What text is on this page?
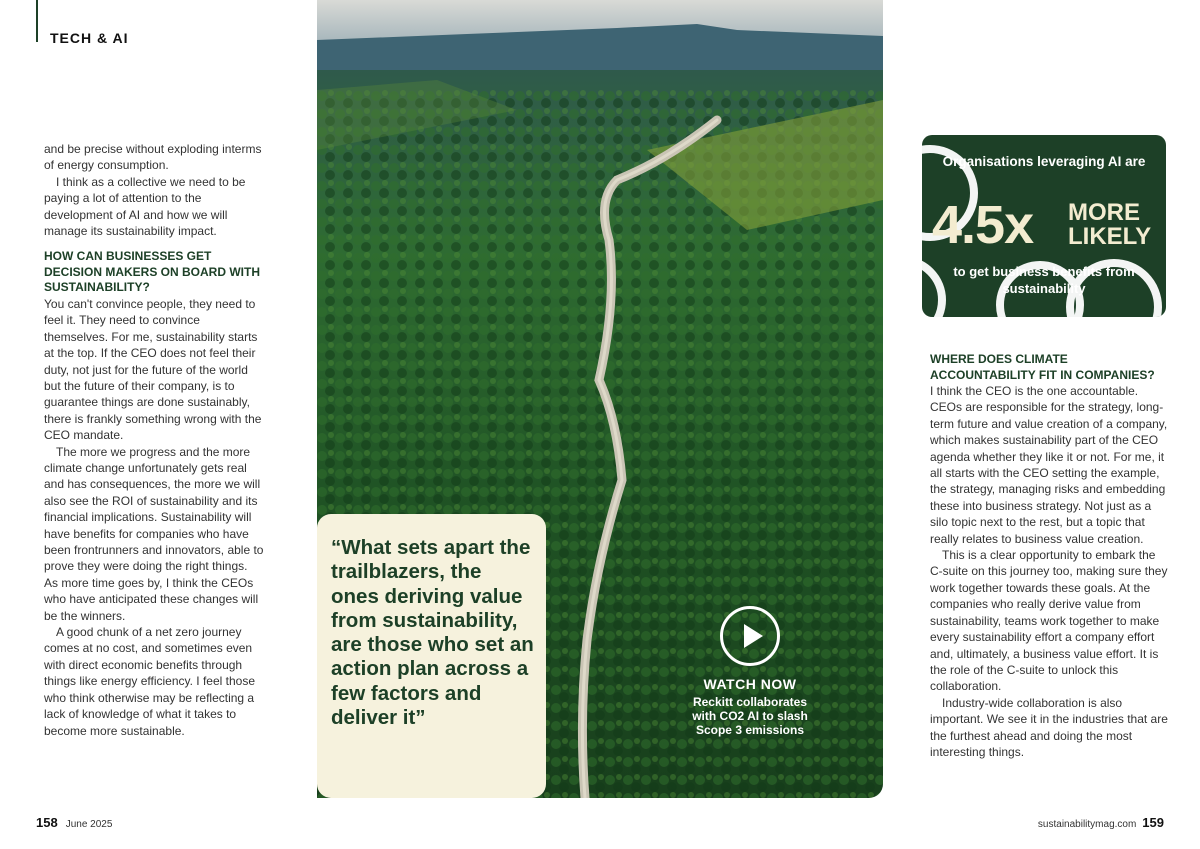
TECH & AI

and be precise without exploding interms of energy consumption.

I think as a collective we need to be paying a lot of attention to the development of AI and how we will manage its sustainability impact.

HOW CAN BUSINESSES GET DECISION MAKERS ON BOARD WITH SUSTAINABILITY?

You can't convince people, they need to feel it. They need to convince themselves. For me, sustainability starts at the top. If the CEO does not feel their duty, not just for the future of the world but the future of their company, is to guarantee things are done sustainably, there is frankly something wrong with the CEO mandate.

The more we progress and the more climate change unfortunately gets real and has consequences, the more we will also see the ROI of sustainability and its financial implications. Sustainability will have benefits for companies who have been frontrunners and innovators, able to prove they were doing the right things. As more time goes by, I think the CEOs who have anticipated these changes will be the winners.

A good chunk of a net zero journey comes at no cost, and sometimes even with direct economic benefits through things like energy efficiency. I feel those who think otherwise may be reflecting a lack of knowledge of what it takes to become more sustainable.

“What sets apart the trailblazers, the ones deriving value from sustainability, are those who set an action plan across a few factors and deliver it”

WATCH NOW
Reckitt collaborates with CO2 AI to slash Scope 3 emissions
Organisations leveraging AI are
4.5x MORE LIKELY
to get business benefits from sustainability
WHERE DOES CLIMATE ACCOUNTABILITY FIT IN COMPANIES?

I think the CEO is the one accountable. CEOs are responsible for the strategy, long-term future and value creation of a company, which makes sustainability part of the CEO agenda whether they like it or not. For me, it all starts with the CEO setting the example, the strategy, managing risks and embedding these into business strategy. Not just as a silo topic next to the rest, but a topic that really relates to business value creation.

This is a clear opportunity to embark the C-suite on this journey too, making sure they work together towards these goals. At the companies who really derive value from sustainability, teams work together to make every sustainability effort a company effort and, ultimately, a business value effort. It is the role of the C-suite to unlock this collaboration.

Industry-wide collaboration is also important. We see it in the industries that are the furthest ahead and doing the most interesting things.

158 June 2025	sustainabilitymag.com 159
